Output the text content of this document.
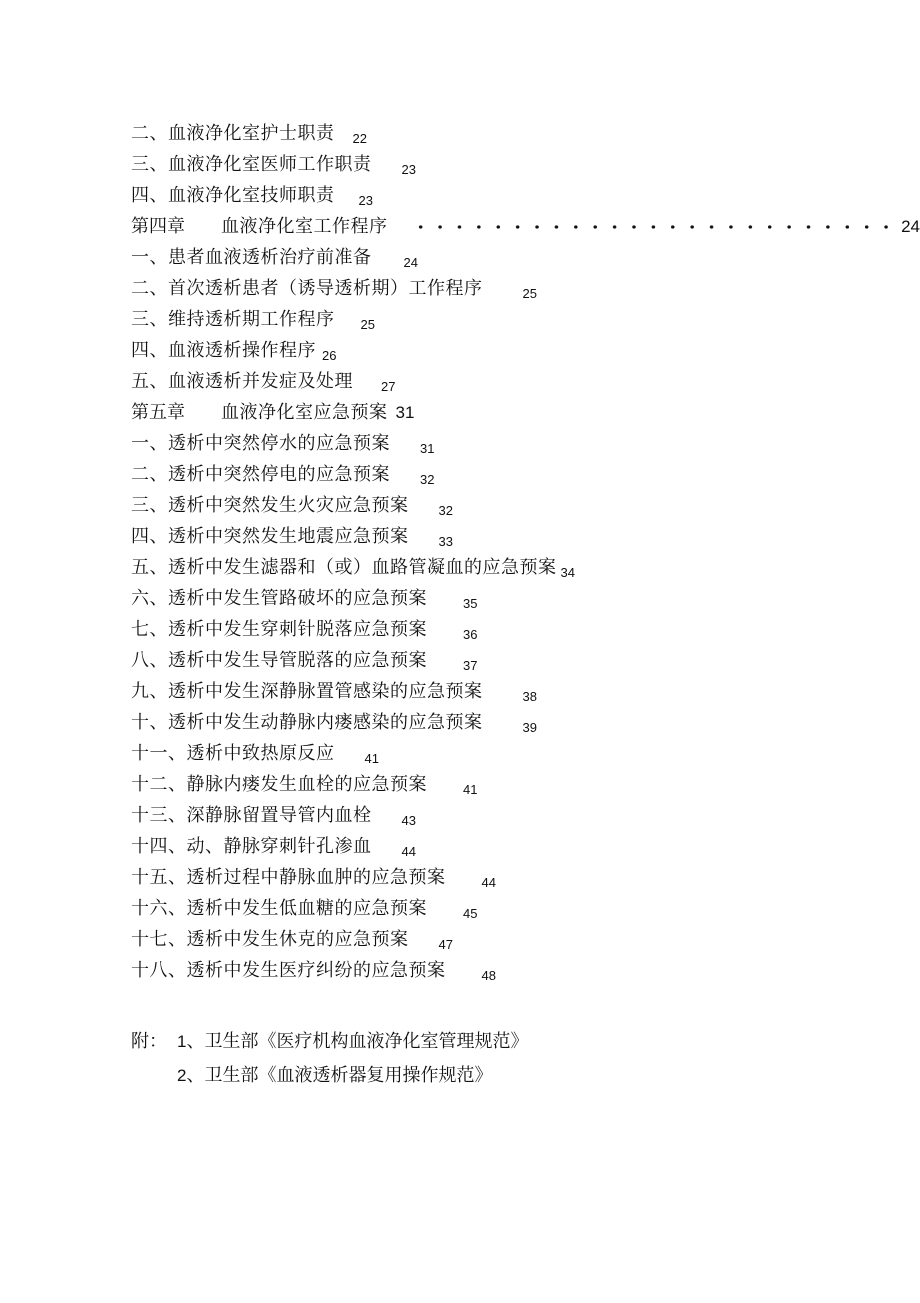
二、血液净化室护士职责 22
三、血液净化室医师工作职责 23
四、血液净化室技师职责 23
第四章 血液净化室工作程序	24
一、患者血液透析治疗前准备 24
二、首次透析患者（诱导透析期）工作程序	25
三、维持透析期工作程序 25
四、血液透析操作程序 26
五、血液透析并发症及处理 27
第五章 血液净化室应急预案 31
一、透析中突然停水的应急预案 31
二、透析中突然停电的应急预案 32
三、透析中突然发生火灾应急预案 32
四、透析中突然发生地震应急预案 33
五、透析中发生滤器和（或）血路管凝血的应急预案 34
六、透析中发生管路破坏的应急预案	35
七、透析中发生穿刺针脱落应急预案	36
八、透析中发生导管脱落的应急预案	37
九、透析中发生深静脉置管感染的应急预案	38
十、透析中发生动静脉内瘘感染的应急预案	39
十一、透析中致热原反应 41
十二、静脉内瘘发生血栓的应急预案	41
十三、深静脉留置导管内血栓 43
十四、动、静脉穿刺针孔渗血 44
十五、透析过程中静脉血肿的应急预案	44
十六、透析中发生低血糖的应急预案	45
十七、透析中发生休克的应急预案 47
十八、透析中发生医疗纠纷的应急预案	48
附： 1、卫生部《医疗机构血液净化室管理规范》
2、卫生部《血液透析器复用操作规范》
